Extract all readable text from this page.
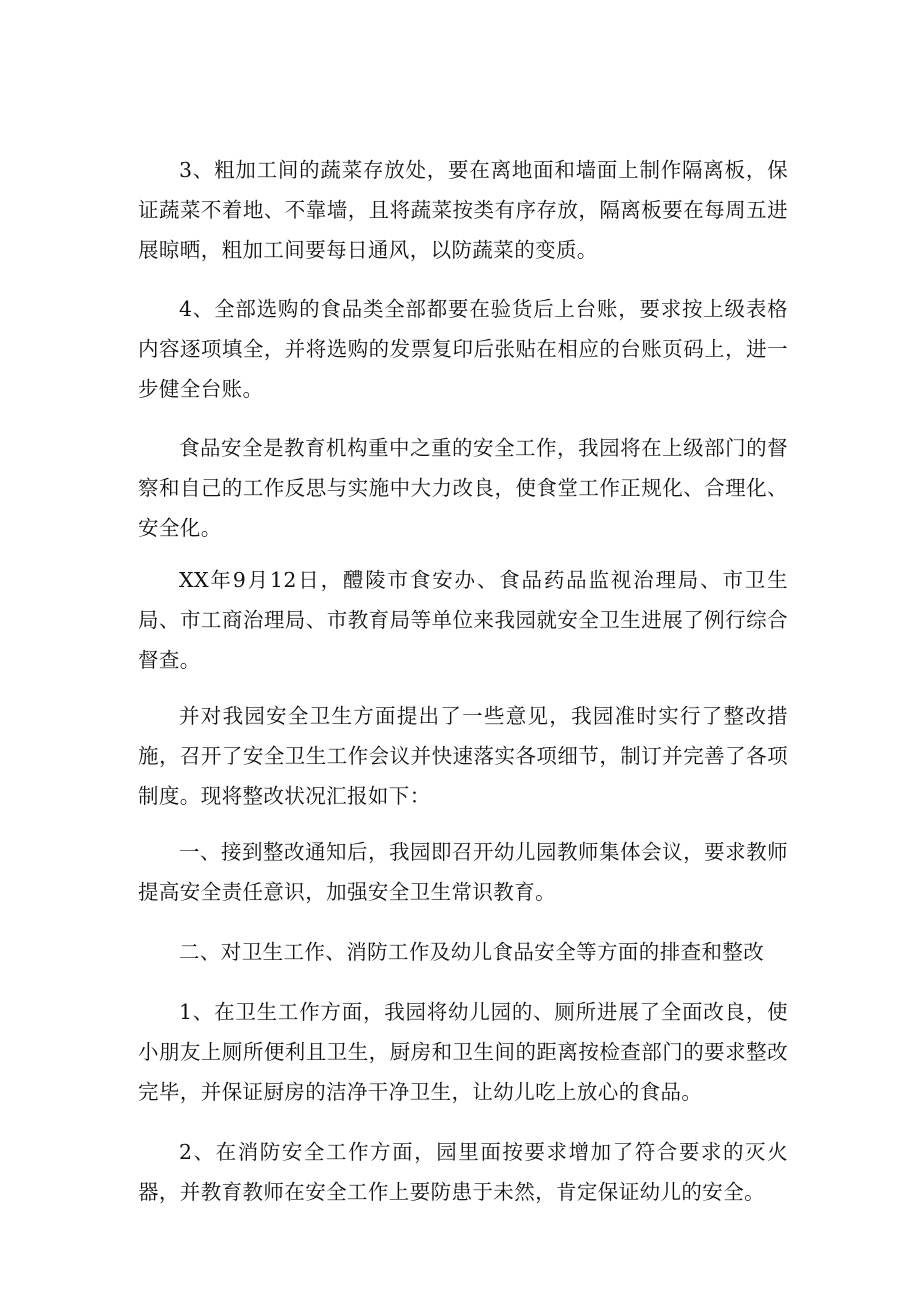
3、粗加工间的蔬菜存放处，要在离地面和墙面上制作隔离板，保证蔬菜不着地、不靠墙，且将蔬菜按类有序存放，隔离板要在每周五进展晾晒，粗加工间要每日通风，以防蔬菜的变质。

4、全部选购的食品类全部都要在验货后上台账，要求按上级表格内容逐项填全，并将选购的发票复印后张贴在相应的台账页码上，进一步健全台账。

食品安全是教育机构重中之重的安全工作，我园将在上级部门的督察和自己的工作反思与实施中大力改良，使食堂工作正规化、合理化、安全化。

XX年9月12日，醴陵市食安办、食品药品监视治理局、市卫生局、市工商治理局、市教育局等单位来我园就安全卫生进展了例行综合督查。

并对我园安全卫生方面提出了一些意见，我园准时实行了整改措施，召开了安全卫生工作会议并快速落实各项细节，制订并完善了各项制度。现将整改状况汇报如下：

一、接到整改通知后，我园即召开幼儿园教师集体会议，要求教师提高安全责任意识，加强安全卫生常识教育。

二、对卫生工作、消防工作及幼儿食品安全等方面的排查和整改

1、在卫生工作方面，我园将幼儿园的、厕所进展了全面改良，使小朋友上厕所便利且卫生，厨房和卫生间的距离按检查部门的要求整改完毕，并保证厨房的洁净干净卫生，让幼儿吃上放心的食品。

2、在消防安全工作方面，园里面按要求增加了符合要求的灭火器，并教育教师在安全工作上要防患于未然，肯定保证幼儿的安全。
